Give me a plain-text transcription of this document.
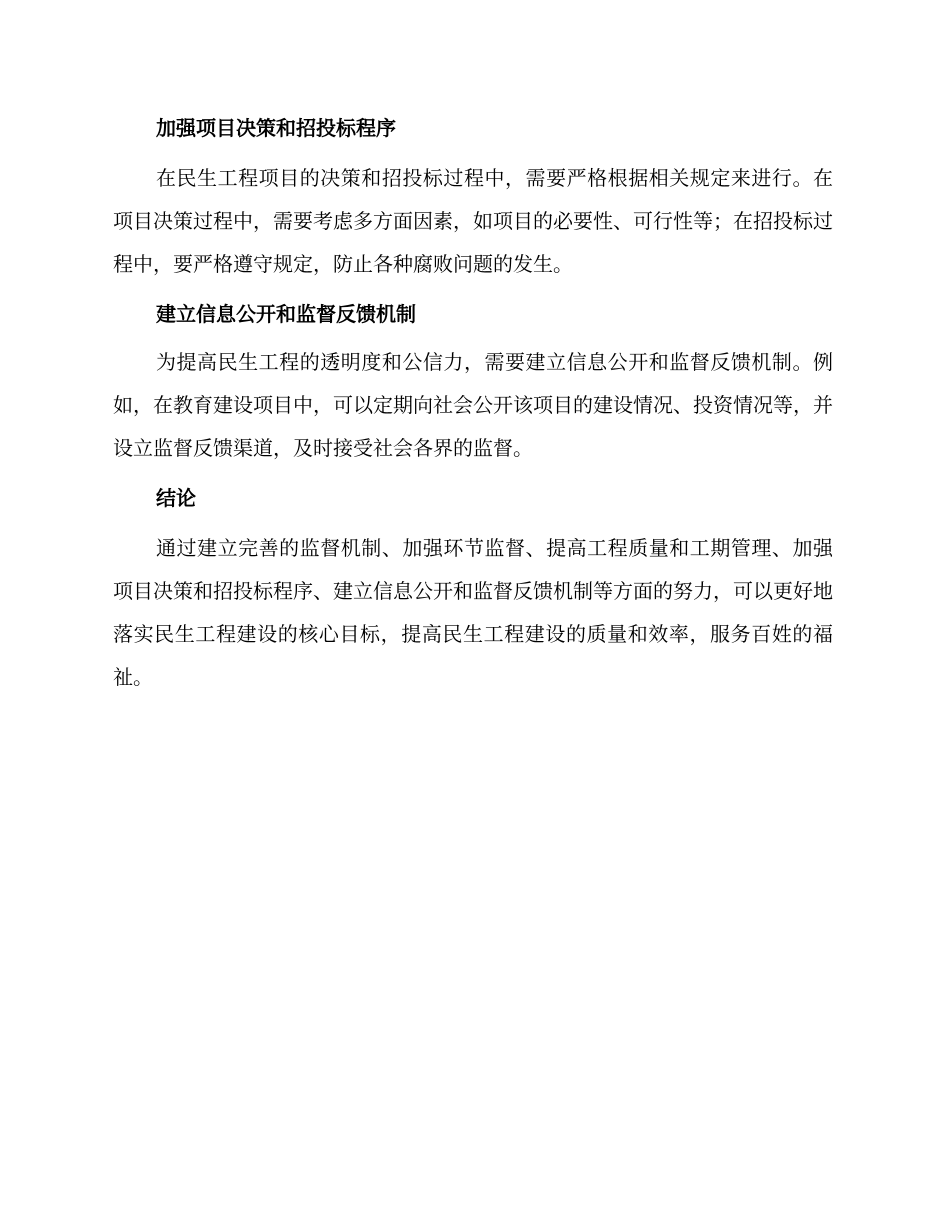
加强项目决策和招投标程序

在民生工程项目的决策和招投标过程中，需要严格根据相关规定来进行。在项目决策过程中，需要考虑多方面因素，如项目的必要性、可行性等；在招投标过程中，要严格遵守规定，防止各种腐败问题的发生。

建立信息公开和监督反馈机制

为提高民生工程的透明度和公信力，需要建立信息公开和监督反馈机制。例如，在教育建设项目中，可以定期向社会公开该项目的建设情况、投资情况等，并设立监督反馈渠道，及时接受社会各界的监督。

结论

通过建立完善的监督机制、加强环节监督、提高工程质量和工期管理、加强项目决策和招投标程序、建立信息公开和监督反馈机制等方面的努力，可以更好地落实民生工程建设的核心目标，提高民生工程建设的质量和效率，服务百姓的福祉。
